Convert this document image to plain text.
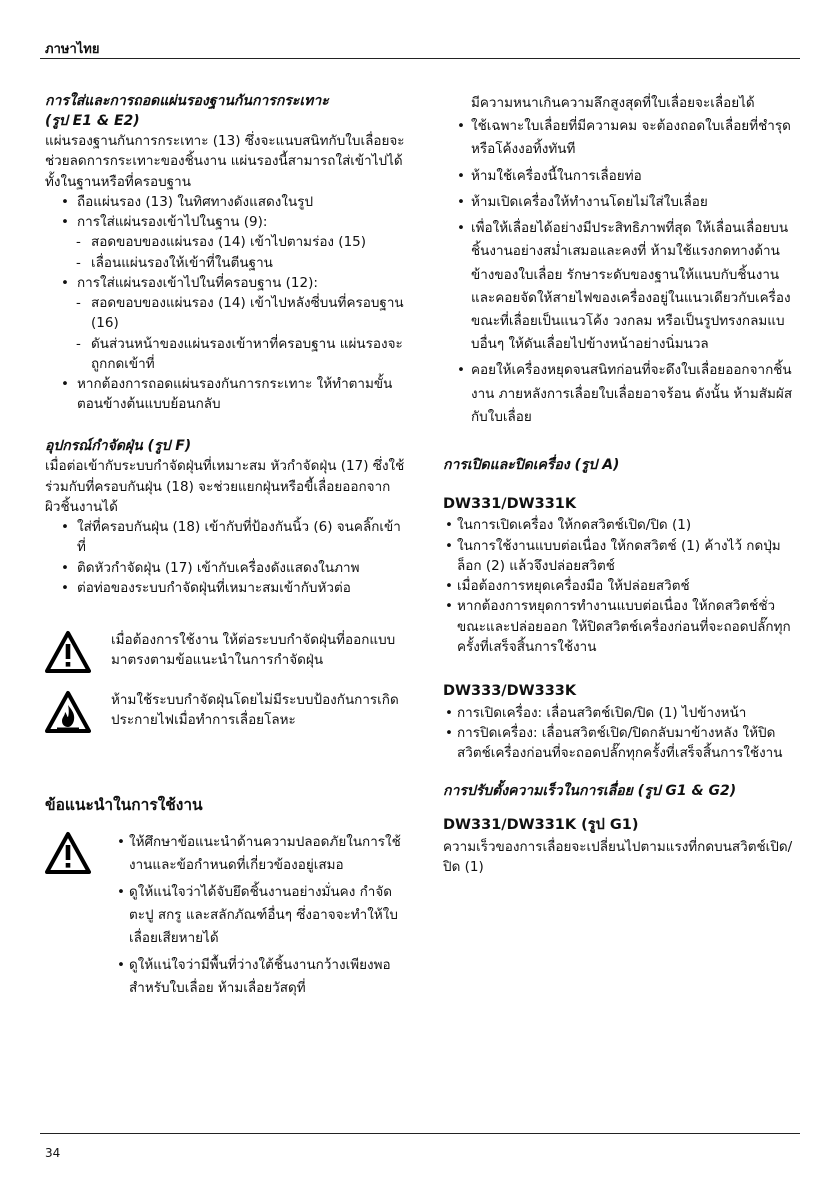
ภาษาไทย
การใส่และการถอดแผ่นรองฐานกันการกระเทาะ
(รูป E1 & E2)

แผ่นรองฐานกันการกระเทาะ (13) ซึ่งจะแนบสนิทกับใบเลื่อยจะช่วยลดการกระเทาะของชิ้นงาน แผ่นรองนี้สามารถใส่เข้าไปได้ทั้งในฐานหรือที่ครอบฐาน

• ถือแผ่นรอง (13) ในทิศทางดังแสดงในรูป
• การใส่แผ่นรองเข้าไปในฐาน (9):
- สอดขอบของแผ่นรอง (14) เข้าไปตามร่อง (15)
- เลื่อนแผ่นรองให้เข้าที่ในตีนฐาน
• การใส่แผ่นรองเข้าไปในที่ครอบฐาน (12):
- สอดขอบของแผ่นรอง (14) เข้าไปหลังซี่บนที่ครอบฐาน (16)
- ดันส่วนหน้าของแผ่นรองเข้าหาที่ครอบฐาน แผ่นรองจะถูกกดเข้าที่
• หากต้องการถอดแผ่นรองกันการกระเทาะ ให้ทำตามขั้นตอนข้างต้นแบบย้อนกลับ
อุปกรณ์กำจัดฝุ่น (รูป F)

เมื่อต่อเข้ากับระบบกำจัดฝุ่นที่เหมาะสม หัวกำจัดฝุ่น (17) ซึ่งใช้ร่วมกับที่ครอบกันฝุ่น (18) จะช่วยแยกฝุ่นหรือขี้เลื่อยออกจากผิวชิ้นงานได้

• ใส่ที่ครอบกันฝุ่น (18) เข้ากับที่ป้องกันนิ้ว (6) จนคลิ๊กเข้าที่
• ติดหัวกำจัดฝุ่น (17) เข้ากับเครื่องดังแสดงในภาพ
• ต่อท่อของระบบกำจัดฝุ่นที่เหมาะสมเข้ากับหัวต่อ

เมื่อต้องการใช้งาน ให้ต่อระบบกำจัดฝุ่นที่ออกแบบมาตรงตามข้อแนะนำในการกำจัดฝุ่น

ห้ามใช้ระบบกำจัดฝุ่นโดยไม่มีระบบป้องกันการเกิดประกายไฟเมื่อทำการเลื่อยโลหะ

ข้อแนะนำในการใช้งาน
• ให้ศึกษาข้อแนะนำด้านความปลอดภัยในการใช้งานและข้อกำหนดที่เกี่ยวข้องอยู่เสมอ
• ดูให้แน่ใจว่าได้จับยึดชิ้นงานอย่างมั่นคง กำจัดตะปู สกรู และสลักภัณฑ์อื่นๆ ซึ่งอาจจะทำให้ใบเลื่อยเสียหายได้
• ดูให้แน่ใจว่ามีพื้นที่ว่างใต้ชิ้นงานกว้างเพียงพอสำหรับใบเลื่อย ห้ามเลื่อยวัสดุที่

มีความหนาเกินความลึกสูงสุดที่ใบเลื่อยจะเลื่อยได้

• ใช้เฉพาะใบเลื่อยที่มีความคม จะต้องถอดใบเลื่อยที่ชำรุดหรือโค้งงอทิ้งทันที
• ห้ามใช้เครื่องนี้ในการเลื่อยท่อ
• ห้ามเปิดเครื่องให้ทำงานโดยไม่ใส่ใบเลื่อย
• เพื่อให้เลื่อยได้อย่างมีประสิทธิภาพที่สุด ให้เลื่อนเลื่อยบนชิ้นงานอย่างสม่ำเสมอและคงที่ ห้ามใช้แรงกดทางด้านข้างของใบเลื่อย รักษาระดับของฐานให้แนบกับชิ้นงานและคอยจัดให้สายไฟของเครื่องอยู่ในแนวเดียวกับเครื่อง ขณะที่เลื่อยเป็นแนวโค้ง วงกลม หรือเป็นรูปทรงกลมแบบอื่นๆ ให้ดันเลื่อยไปข้างหน้าอย่างนิ่มนวล
• คอยให้เครื่องหยุดจนสนิทก่อนที่จะดึงใบเลื่อยออกจากชิ้นงาน ภายหลังการเลื่อยใบเลื่อยอาจร้อน ดังนั้น ห้ามสัมผัสกับใบเลื่อย
การเปิดและปิดเครื่อง (รูป A)
DW331/DW331K
• ในการเปิดเครื่อง ให้กดสวิตช์เปิด/ปิด (1)
• ในการใช้งานแบบต่อเนื่อง ให้กดสวิตช์ (1) ค้างไว้ กดปุ่มล็อก (2) แล้วจึงปล่อยสวิตช์
• เมื่อต้องการหยุดเครื่องมือ ให้ปล่อยสวิตช์
• หากต้องการหยุดการทำงานแบบต่อเนื่อง ให้กดสวิตช์ชั่วขณะและปล่อยออก ให้ปิดสวิตช์เครื่องก่อนที่จะถอดปลั๊กทุกครั้งที่เสร็จสิ้นการใช้งาน
DW333/DW333K
• การเปิดเครื่อง: เลื่อนสวิตช์เปิด/ปิด (1) ไปข้างหน้า
• การปิดเครื่อง: เลื่อนสวิตช์เปิด/ปิดกลับมาข้างหลัง ให้ปิดสวิตช์เครื่องก่อนที่จะถอดปลั๊กทุกครั้งที่เสร็จสิ้นการใช้งาน
การปรับตั้งความเร็วในการเลื่อย (รูป G1 & G2)
DW331/DW331K (รูป G1)

ความเร็วของการเลื่อยจะเปลี่ยนไปตามแรงที่กดบนสวิตช์เปิด/ปิด (1)

34
